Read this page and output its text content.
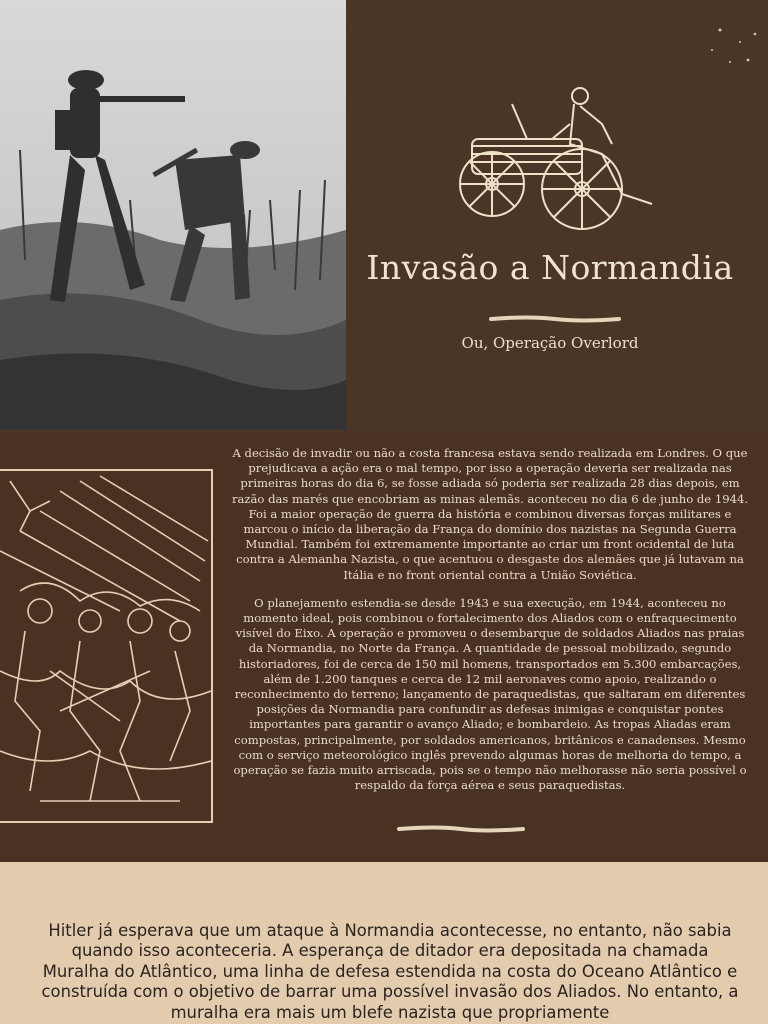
Invasão a Normandia
Ou, Operação Overlord

A decisão de invadir ou não a costa francesa estava sendo realizada em Londres. O que prejudicava a ação era o mal tempo, por isso a operação deveria ser realizada nas primeiras horas do dia 6, se fosse adiada só poderia ser realizada 28 dias depois, em razão das marés que encobriam as minas alemãs. aconteceu no dia 6 de junho de 1944. Foi a maior operação de guerra da história e combinou diversas forças militares e marcou o início da liberação da França do domínio dos nazistas na Segunda Guerra Mundial. Também foi extremamente importante ao criar um front ocidental de luta contra a Alemanha Nazista, o que acentuou o desgaste dos alemães que já lutavam na Itália e no front oriental contra a União Soviética.

O planejamento estendia-se desde 1943 e sua execução, em 1944, aconteceu no momento ideal, pois combinou o fortalecimento dos Aliados com o enfraquecimento visível do Eixo. A operação e promoveu o desembarque de soldados Aliados nas praias da Normandia, no Norte da França. A quantidade de pessoal mobilizado, segundo historiadores, foi de cerca de 150 mil homens, transportados em 5.300 embarcações, além de 1.200 tanques e cerca de 12 mil aeronaves como apoio, realizando o reconhecimento do terreno; lançamento de paraquedistas, que saltaram em diferentes posições da Normandia para confundir as defesas inimigas e conquistar pontes importantes para garantir o avanço Aliado; e bombardeio. As tropas Aliadas eram compostas, principalmente, por soldados americanos, britânicos e canadenses. Mesmo com o serviço meteorológico inglês prevendo algumas horas de melhoria do tempo, a operação se fazia muito arriscada, pois se o tempo não melhorasse não seria possível o respaldo da força aérea e seus paraquedistas.

Hitler já esperava que um ataque à Normandia acontecesse, no entanto, não sabia quando isso aconteceria. A esperança de ditador era depositada na chamada Muralha do Atlântico, uma linha de defesa estendida na costa do Oceano Atlântico e construída com o objetivo de barrar uma possível invasão dos Aliados. No entanto, a muralha era mais um blefe nazista que propriamente
